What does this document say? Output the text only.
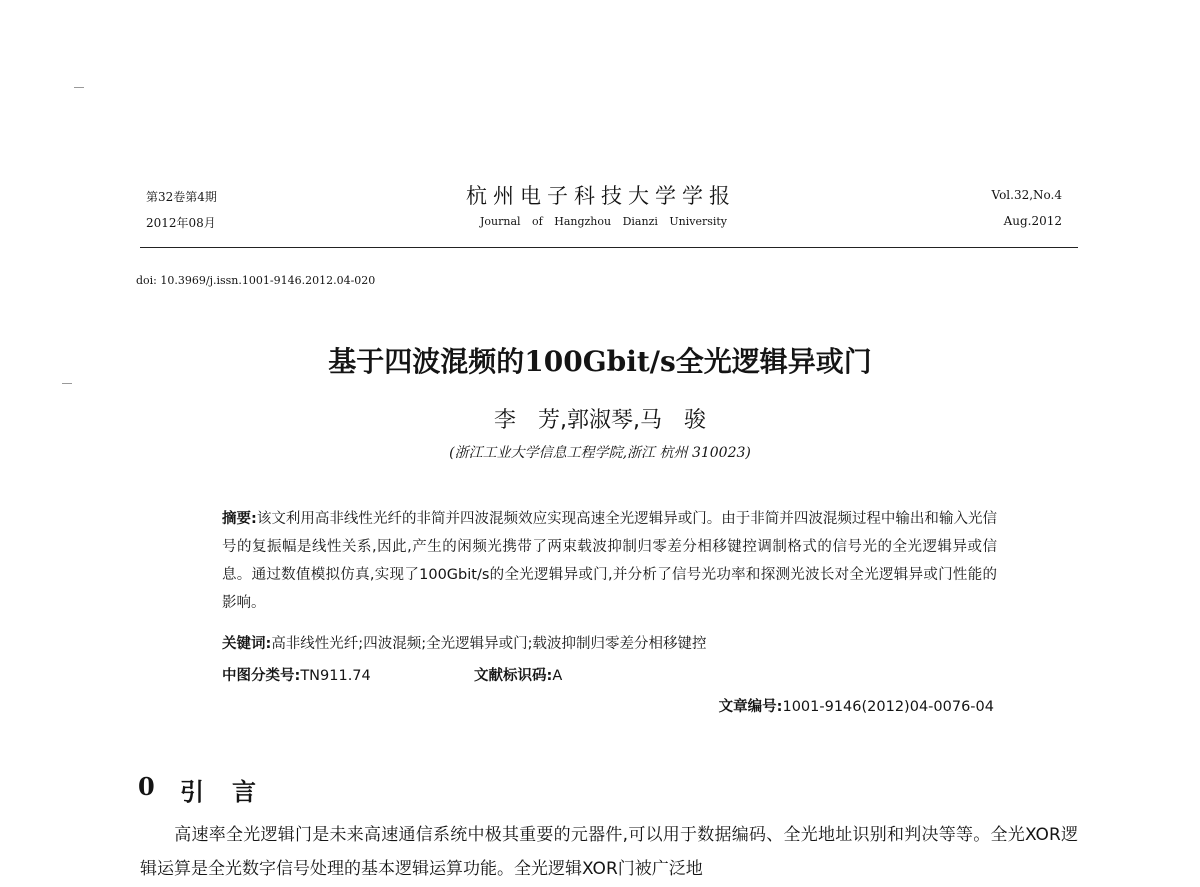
第32卷第4期
2012年08月
杭州电子科技大学学报
Journal of Hangzhou Dianzi University
Vol.32,No.4
Aug.2012
doi: 10.3969/j.issn.1001-9146.2012.04-020
基于四波混频的100Gbit/s全光逻辑异或门
李　芳,郭淑琴,马　骏
(浙江工业大学信息工程学院,浙江 杭州 310023)
摘要:该文利用高非线性光纤的非简并四波混频效应实现高速全光逻辑异或门。由于非简并四波混频过程中输出和输入光信号的复振幅是线性关系,因此,产生的闲频光携带了两束载波抑制归零差分相移键控调制格式的信号光的全光逻辑异或信息。通过数值模拟仿真,实现了100Gbit/s的全光逻辑异或门,并分析了信号光功率和探测光波长对全光逻辑异或门性能的影响。
关键词:高非线性光纤;四波混频;全光逻辑异或门;载波抑制归零差分相移键控
中图分类号:TN911.74	文献标识码:A
文章编号:1001-9146(2012)04-0076-04
0 引言
高速率全光逻辑门是未来高速通信系统中极其重要的元器件,可以用于数据编码、全光地址识别和判决等等。全光XOR逻辑运算是全光数字信号处理的基本逻辑运算功能。全光逻辑XOR门被广泛地
